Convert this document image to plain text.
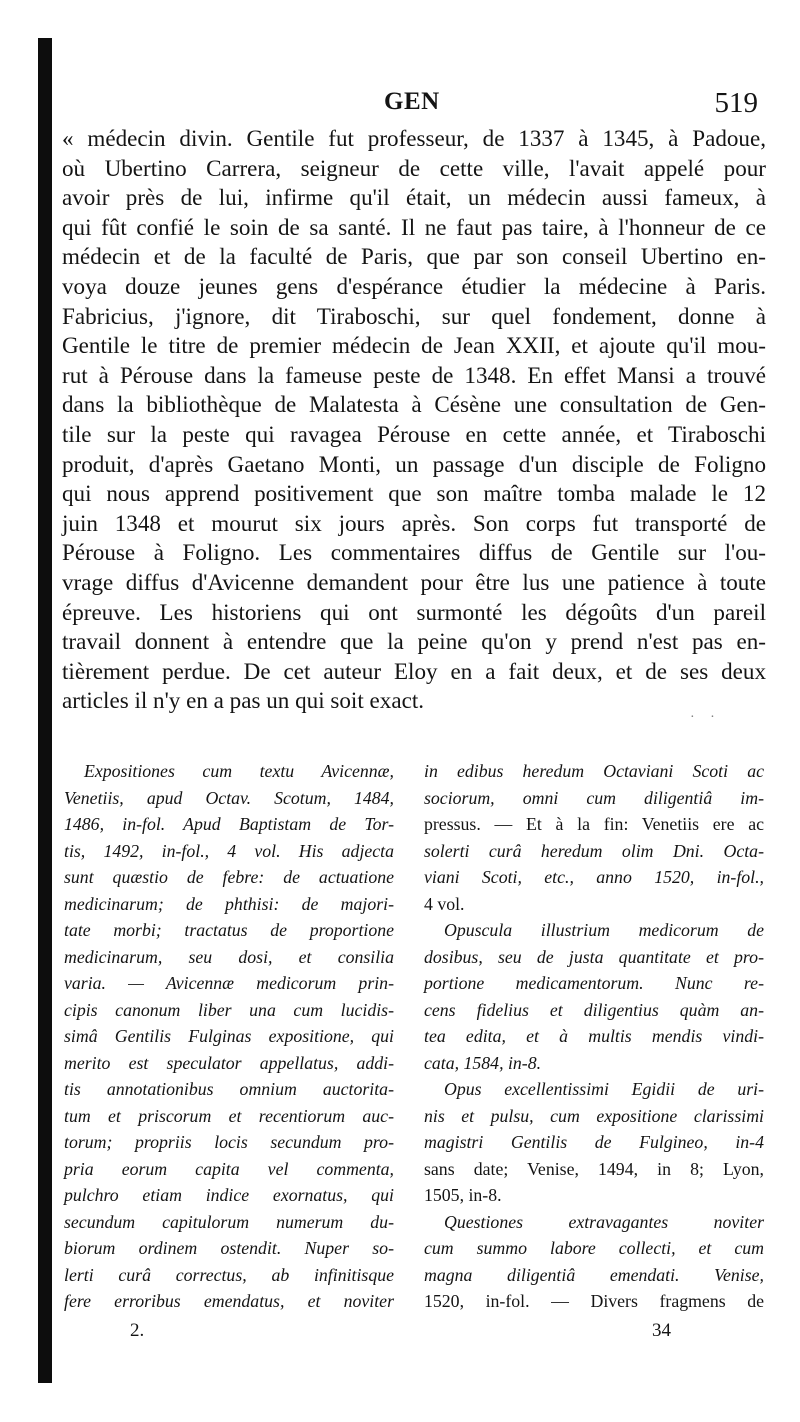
GEN	519
« médecin divin. Gentile fut professeur, de 1337 à 1345, à Padoue,
où Ubertino Carrera, seigneur de cette ville, l'avait appelé pour
avoir près de lui, infirme qu'il était, un médecin aussi fameux, à
qui fût confié le soin de sa santé. Il ne faut pas taire, à l'honneur de ce
médecin et de la faculté de Paris, que par son conseil Ubertino en-
voya douze jeunes gens d'espérance étudier la médecine à Paris.
Fabricius, j'ignore, dit Tiraboschi, sur quel fondement, donne à
Gentile le titre de premier médecin de Jean XXII, et ajoute qu'il mou-
rut à Pérouse dans la fameuse peste de 1348. En effet Mansi a trouvé
dans la bibliothèque de Malatesta à Césène une consultation de Gen-
tile sur la peste qui ravagea Pérouse en cette année, et Tiraboschi
produit, d'après Gaetano Monti, un passage d'un disciple de Foligno
qui nous apprend positivement que son maître tomba malade le 12
juin 1348 et mourut six jours après. Son corps fut transporté de
Pérouse à Foligno. Les commentaires diffus de Gentile sur l'ou-
vrage diffus d'Avicenne demandent pour être lus une patience à toute
épreuve. Les historiens qui ont surmonté les dégoûts d'un pareil
travail donnent à entendre que la peine qu'on y prend n'est pas en-
tièrement perdue. De cet auteur Eloy en a fait deux, et de ses deux
articles il n'y en a pas un qui soit exact.
· ·
Expositiones cum textu Avicennæ,
Venetiis, apud Octav. Scotum, 1484,
1486, in-fol. Apud Baptistam de Tor-
tis, 1492, in-fol., 4 vol. His adjecta
sunt quæstio de febre: de actuatione
medicinarum; de phthisi: de majori-
tate morbi; tractatus de proportione
medicinarum, seu dosi, et consilia
varia. — Avicennæ medicorum prin-
cipis canonum liber una cum lucidis-
simâ Gentilis Fulginas expositione, qui
merito est speculator appellatus, addi-
tis annotationibus omnium auctorita-
tum et priscorum et recentiorum auc-
torum; propriis locis secundum pro-
pria eorum capita vel commenta,
pulchro etiam indice exornatus, qui
secundum capitulorum numerum du-
biorum ordinem ostendit. Nuper so-
lerti curâ correctus, ab infinitisque
fere erroribus emendatus, et noviter
in edibus heredum Octaviani Scoti ac
sociorum, omni cum diligentiâ im-
pressus. — Et à la fin: Venetiis ere ac
solerti curâ heredum olim Dni. Octa-
viani Scoti, etc., anno 1520, in-fol.,
4 vol.
Opuscula illustrium medicorum de
dosibus, seu de justa quantitate et pro-
portione medicamentorum. Nunc re-
cens fidelius et diligentius quàm an-
tea edita, et à multis mendis vindi-
cata, 1584, in-8.
Opus excellentissimi Egidii de uri-
nis et pulsu, cum expositione clarissimi
magistri Gentilis de Fulgineo, in-4
sans date; Venise, 1494, in 8; Lyon,
1505, in-8.
Questiones extravagantes noviter
cum summo labore collecti, et cum
magna diligentiâ emendati. Venise,
1520, in-fol. — Divers fragmens de
2.	34
